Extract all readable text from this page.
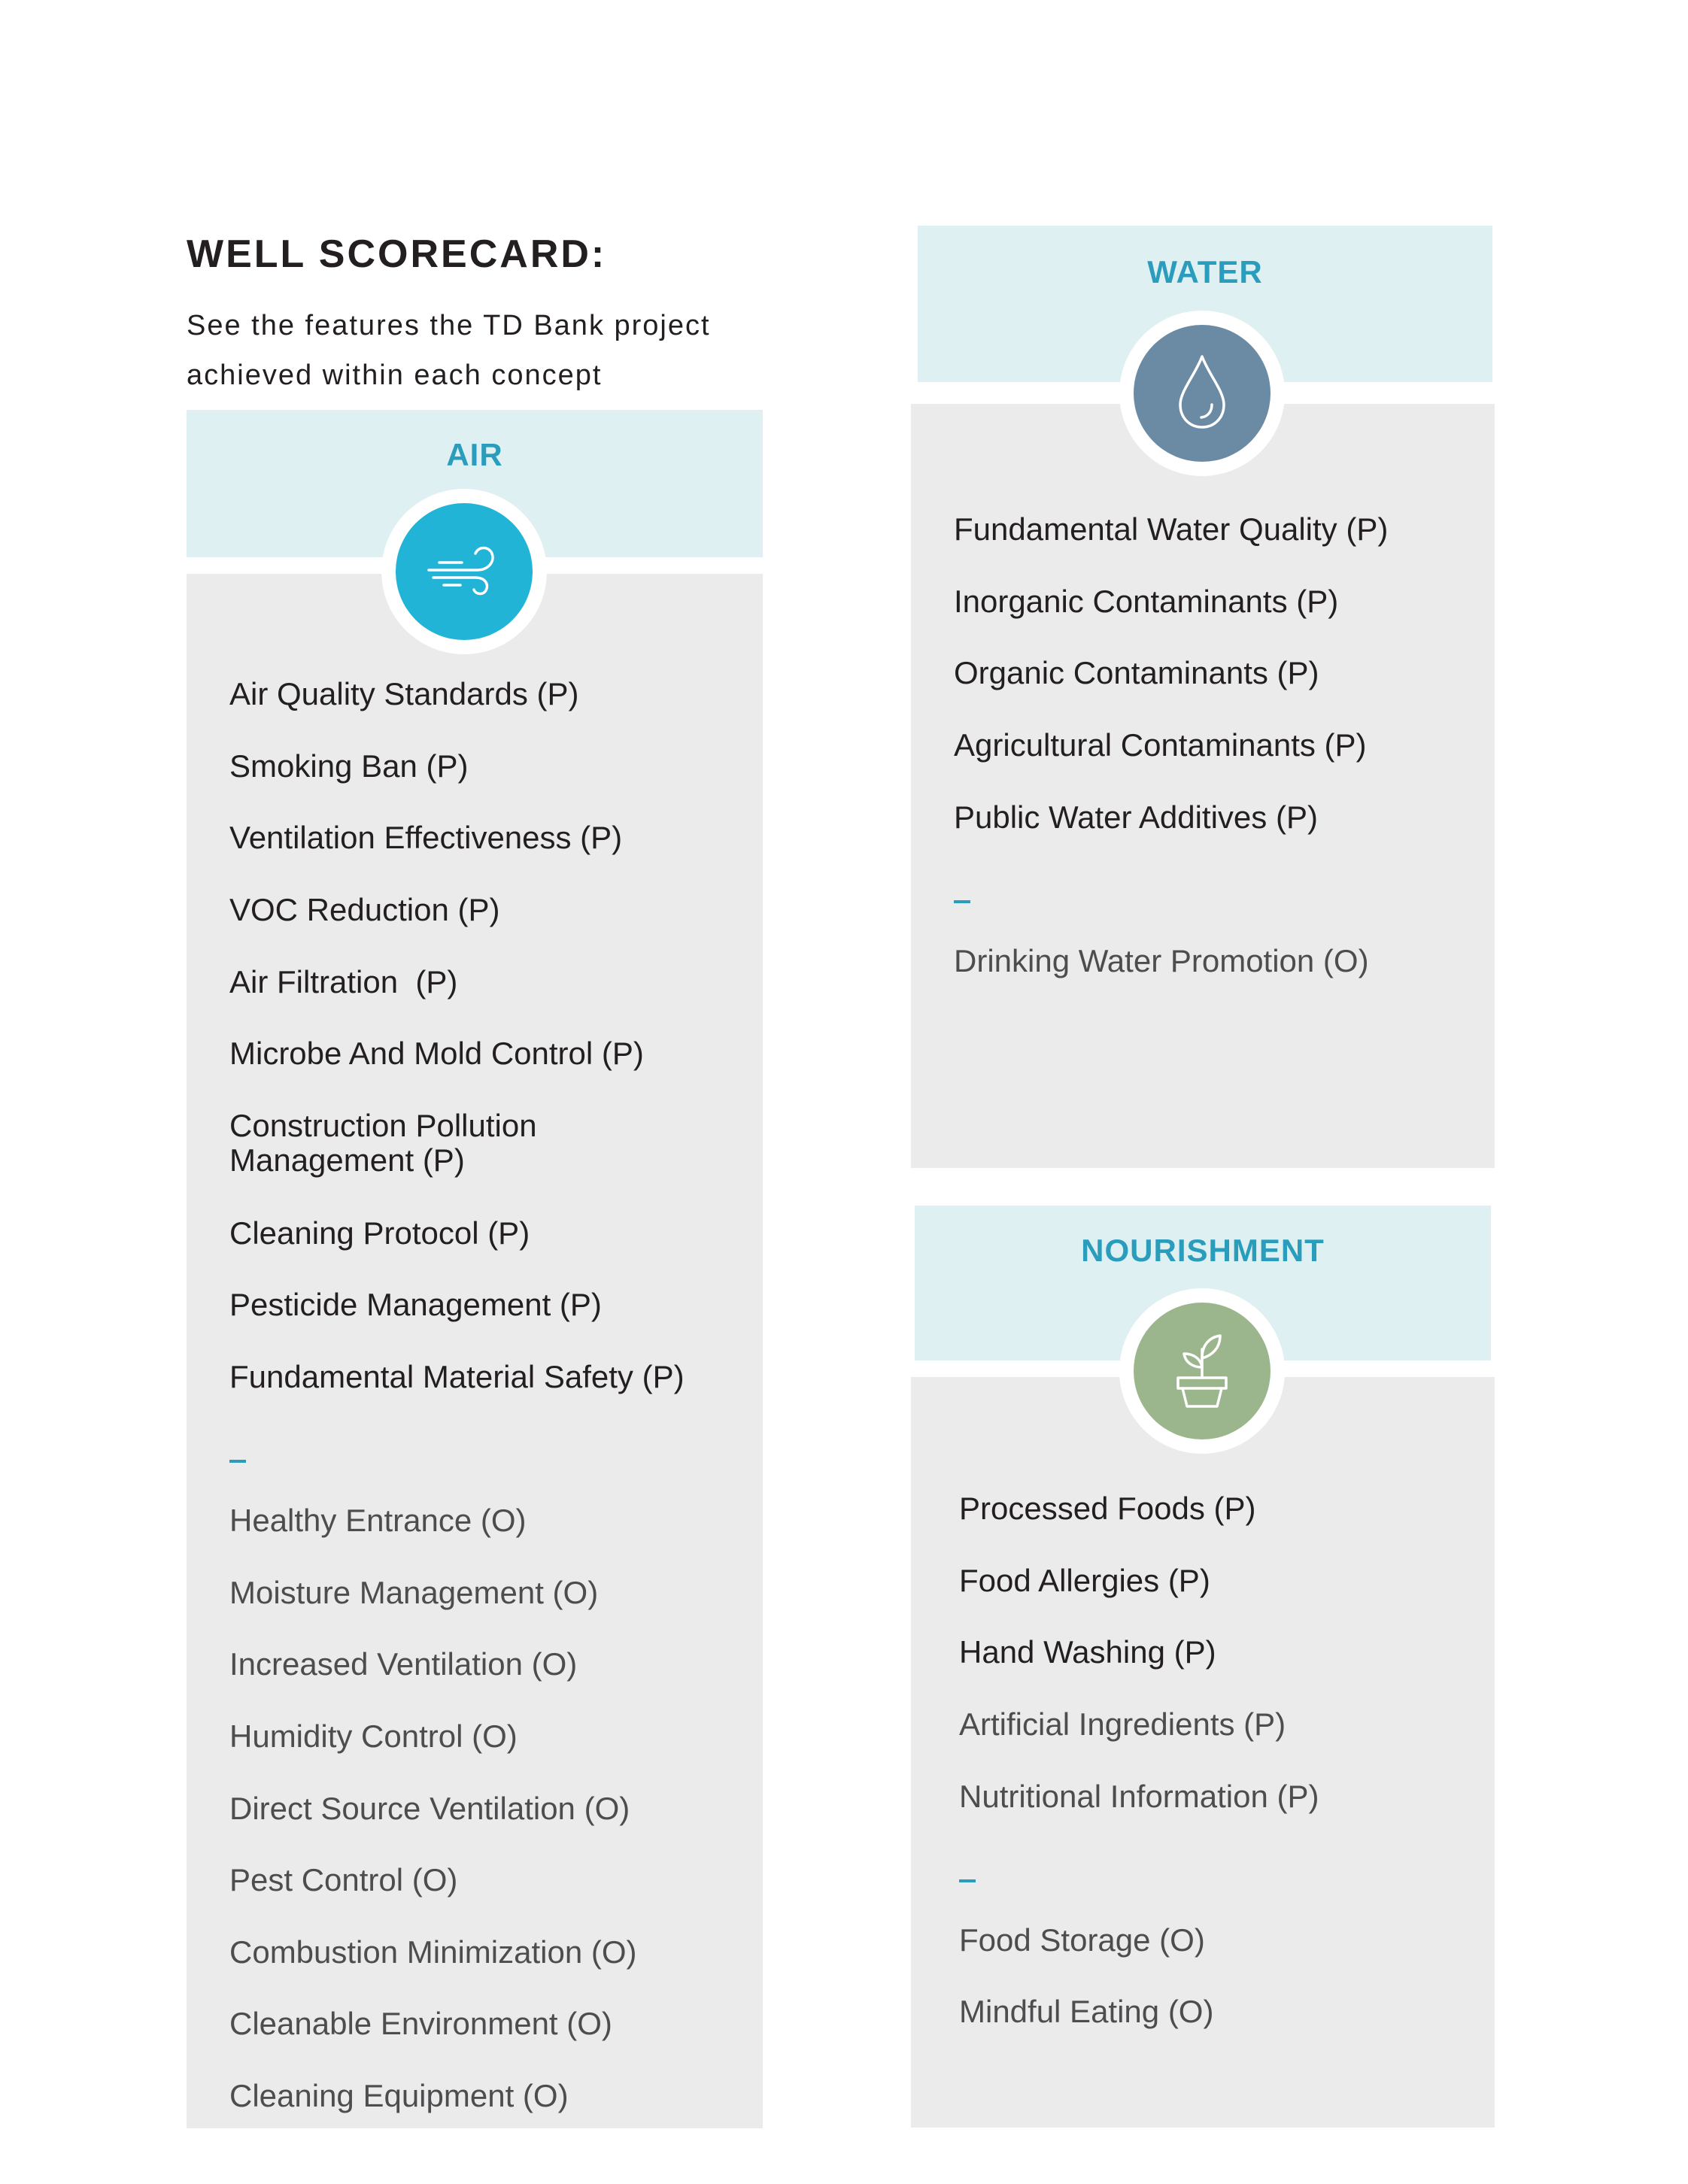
WELL SCORECARD:

See the features the TD Bank project achieved within each concept

AIR
Air Quality Standards (P)
Smoking Ban (P)
Ventilation Effectiveness (P)
VOC Reduction (P)
Air Filtration  (P)
Microbe And Mold Control (P)
Construction Pollution Management (P)
Cleaning Protocol (P)
Pesticide Management (P)
Fundamental Material Safety (P)
Healthy Entrance (O)
Moisture Management (O)
Increased Ventilation (O)
Humidity Control (O)
Direct Source Ventilation (O)
Pest Control (O)
Combustion Minimization (O)
Cleanable Environment (O)
Cleaning Equipment (O)
WATER
Fundamental Water Quality (P)
Inorganic Contaminants (P)
Organic Contaminants (P)
Agricultural Contaminants (P)
Public Water Additives (P)
Drinking Water Promotion (O)
NOURISHMENT
Processed Foods (P)
Food Allergies (P)
Hand Washing (P)
Artificial Ingredients (P)
Nutritional Information (P)
Food Storage (O)
Mindful Eating (O)
